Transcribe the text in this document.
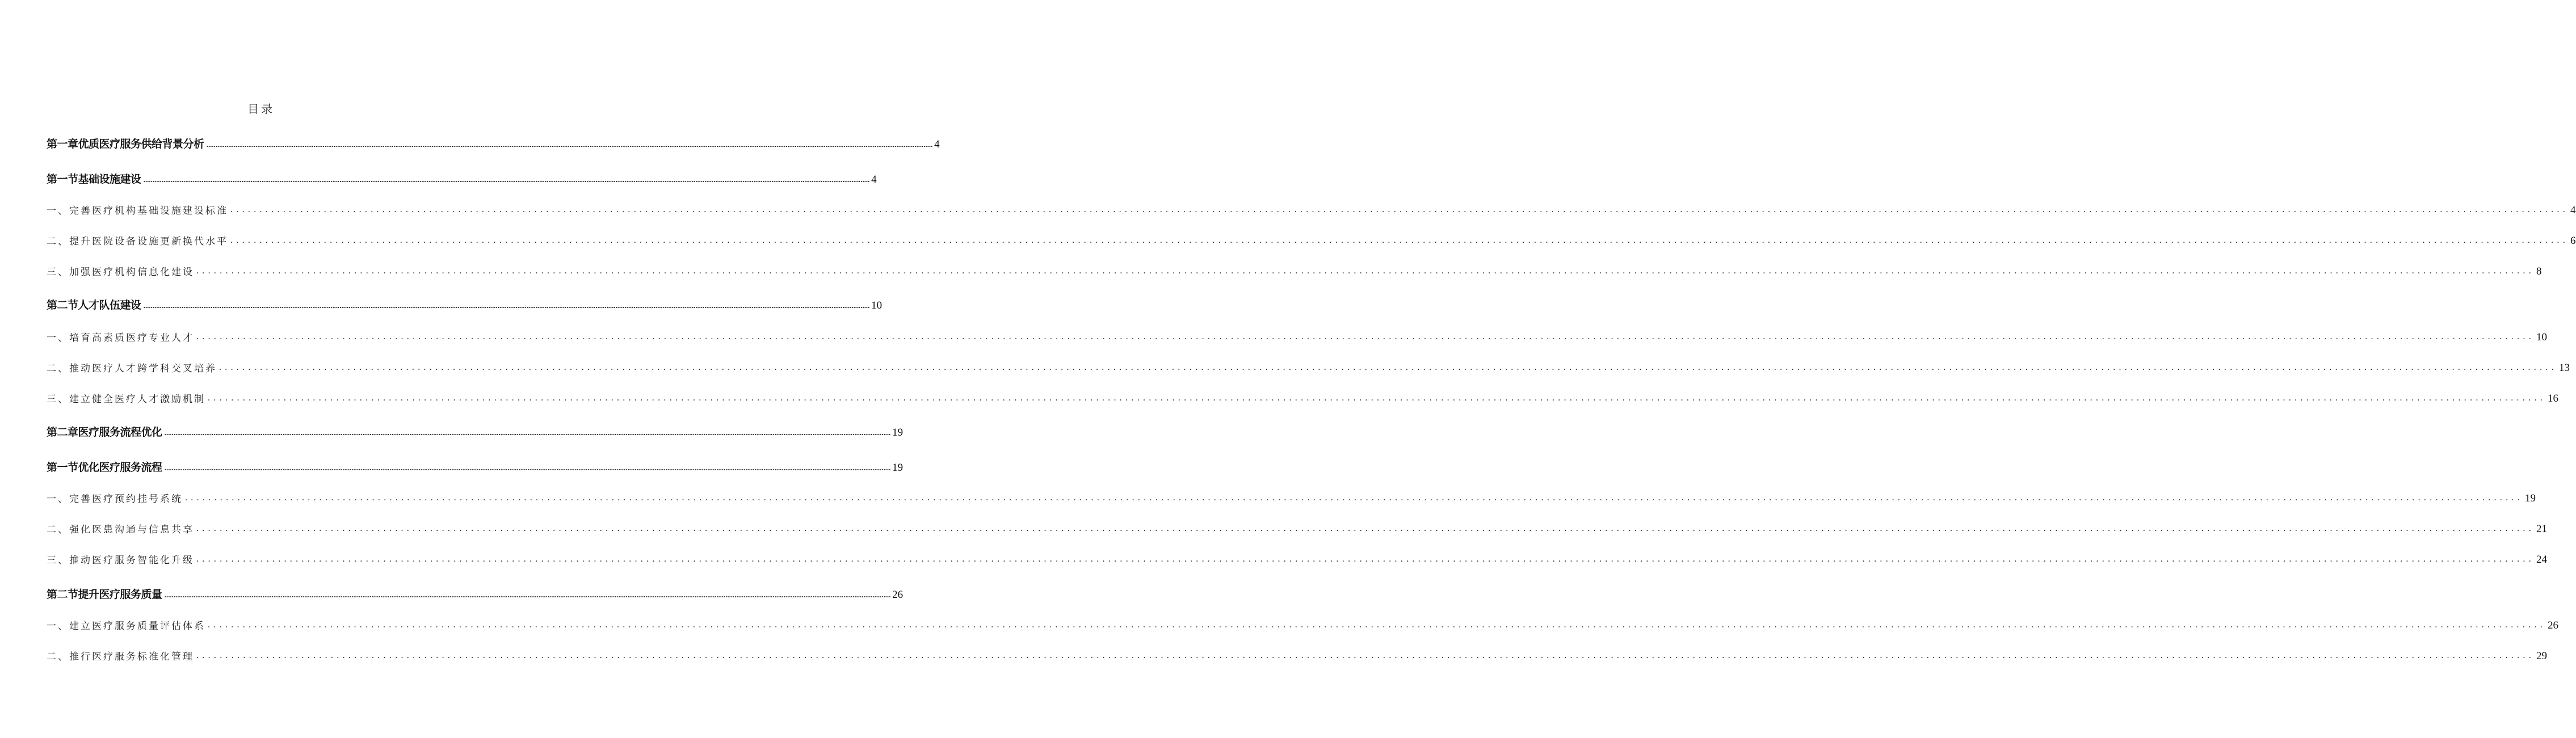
目录
第一章优质医疗服务供给背景分析 ................................................................................................................................................................................................................................................................................................................................................................................................................ 4
第一节基础设施建设 ................................................................................................................................................................................................................................................................................................................................................................................................................ 4
一、完善医疗机构基础设施建设标准 ................................................................................................................................................................................................................................................................................................................................................................................................................ 4
二、提升医院设备设施更新换代水平 ................................................................................................................................................................................................................................................................................................................................................................................................................ 6
三、加强医疗机构信息化建设 ................................................................................................................................................................................................................................................................................................................................................................................................................ 8
第二节人才队伍建设 ................................................................................................................................................................................................................................................................................................................................................................................................................ 10
一、培育高素质医疗专业人才 ................................................................................................................................................................................................................................................................................................................................................................................................................ 10
二、推动医疗人才跨学科交叉培养 ................................................................................................................................................................................................................................................................................................................................................................................................................ 13
三、建立健全医疗人才激励机制 ................................................................................................................................................................................................................................................................................................................................................................................................................ 16
第二章医疗服务流程优化 ................................................................................................................................................................................................................................................................................................................................................................................................................ 19
第一节优化医疗服务流程 ................................................................................................................................................................................................................................................................................................................................................................................................................ 19
一、完善医疗预约挂号系统 ................................................................................................................................................................................................................................................................................................................................................................................................................ 19
二、强化医患沟通与信息共享 ................................................................................................................................................................................................................................................................................................................................................................................................................ 21
三、推动医疗服务智能化升级 ................................................................................................................................................................................................................................................................................................................................................................................................................ 24
第二节提升医疗服务质量 ................................................................................................................................................................................................................................................................................................................................................................................................................ 26
一、建立医疗服务质量评估体系 ................................................................................................................................................................................................................................................................................................................................................................................................................ 26
二、推行医疗服务标准化管理 ................................................................................................................................................................................................................................................................................................................................................................................................................ 29
